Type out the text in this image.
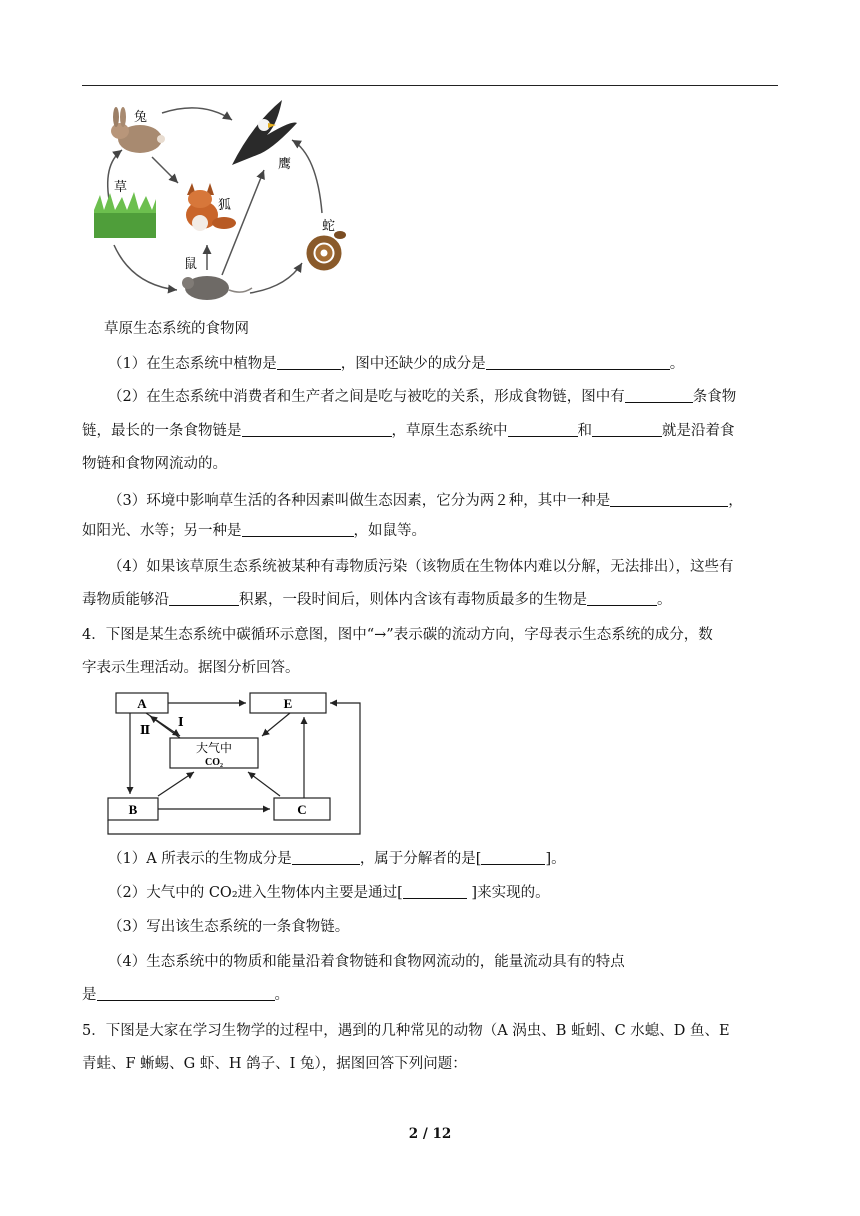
兔
鹰
草
狐
蛇
鼠
草原生态系统的食物网
（1）在生态系统中植物是	，图中还缺少的成分是	。
（2）在生态系统中消费者和生产者之间是吃与被吃的关系，形成食物链，图中有	条食物
链，最长的一条食物链是	，草原生态系统中	和	就是沿着食
物链和食物网流动的。
（3）环境中影响草生活的各种因素叫做生态因素，它分为两２种，其中一种是	，
如阳光、水等；另一种是	，如鼠等。
（4）如果该草原生态系统被某种有毒物质污染（该物质在生物体内难以分解，无法排出），这些有
毒物质能够沿	积累，一段时间后，则体内含该有毒物质最多的生物是	。
4．下图是某生态系统中碳循环示意图，图中“→”表示碳的流动方向，字母表示生态系统的成分，数
字表示生理活动。据图分析回答。
A	E
大气中
CO₂
B	C
Ⅰ
Ⅱ
（1）A 所表示的生物成分是	，属于分解者的是[	]。
（2）大气中的 CO₂进入生物体内主要是通过[	]来实现的。
（3）写出该生态系统的一条食物链。
（4）生态系统中的物质和能量沿着食物链和食物网流动的，能量流动具有的特点
是	。
5．下图是大家在学习生物学的过程中，遇到的几种常见的动物（A 涡虫、B 蚯蚓、C 水螅、D 鱼、E
青蛙、F 蜥蜴、G 虾、H 鸽子、I 兔），据图回答下列问题：
2 / 12
